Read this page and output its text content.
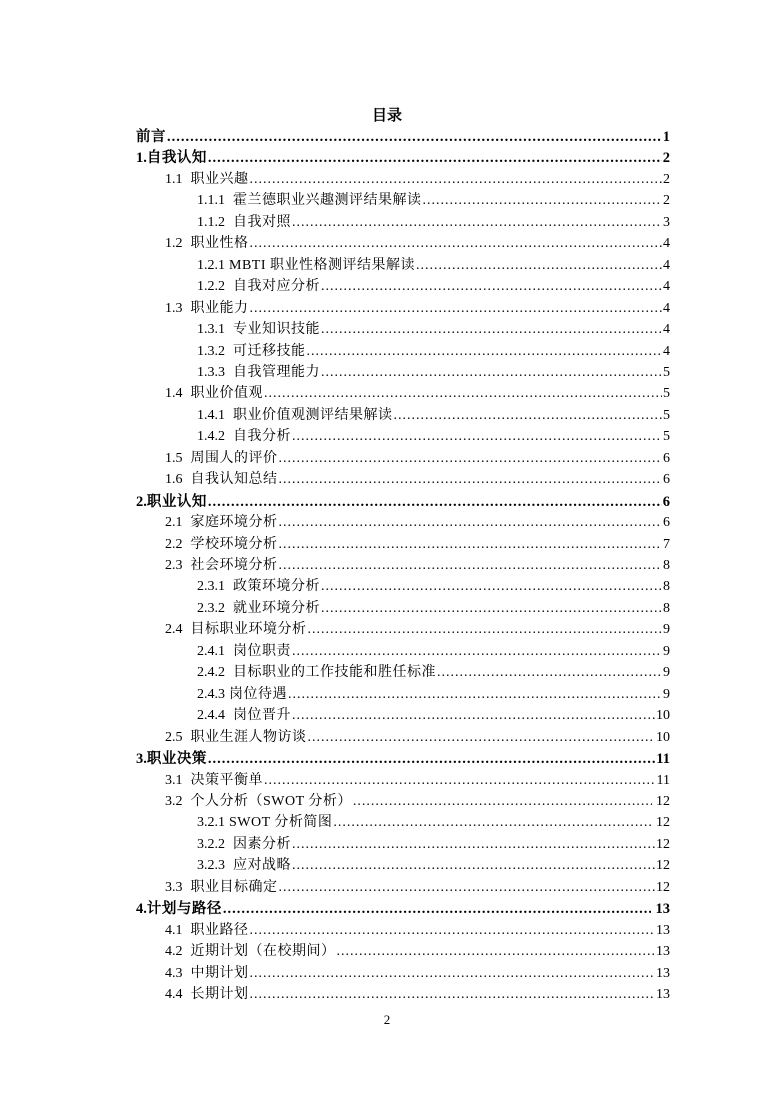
目录
前言 .....	1
1. 自我认知 .....	2
1.1 职业兴趣 .....	2
1.1.1 霍兰德职业兴趣测评结果解读 .....	2
1.1.2 自我对照 .....	3
1.2 职业性格 .....	4
1.2.1 MBTI 职业性格测评结果解读 .....	4
1.2.2 自我对应分析 .....	4
1.3 职业能力 .....	4
1.3.1 专业知识技能 .....	4
1.3.2 可迁移技能 .....	4
1.3.3 自我管理能力 .....	5
1.4 职业价值观 .....	5
1.4.1 职业价值观测评结果解读 .....	5
1.4.2 自我分析 .....	5
1.5 周围人的评价 .....	6
1.6 自我认知总结 .....	6
2. 职业认知 .....	6
2.1 家庭环境分析 .....	6
2.2 学校环境分析 .....	7
2.3 社会环境分析 .....	8
2.3.1 政策环境分析 .....	8
2.3.2 就业环境分析 .....	8
2.4 目标职业环境分析 .....	9
2.4.1 岗位职责 .....	9
2.4.2 目标职业的工作技能和胜任标准 .....	9
2.4.3 岗位待遇 .....	9
2.4.4 岗位晋升 .....	10
2.5 职业生涯人物访谈 .....	10
3. 职业决策 .....	11
3.1 决策平衡单 .....	11
3.2 个人分析（SWOT 分析） .....	12
3.2.1 SWOT 分析简图 .....	12
3.2.2 因素分析 .....	12
3.2.3 应对战略 .....	12
3.3 职业目标确定 .....	12
4. 计划与路径 .....	13
4.1 职业路径 .....	13
4.2 近期计划（在校期间） .....	13
4.3 中期计划 .....	13
4.4 长期计划 .....	13
2
